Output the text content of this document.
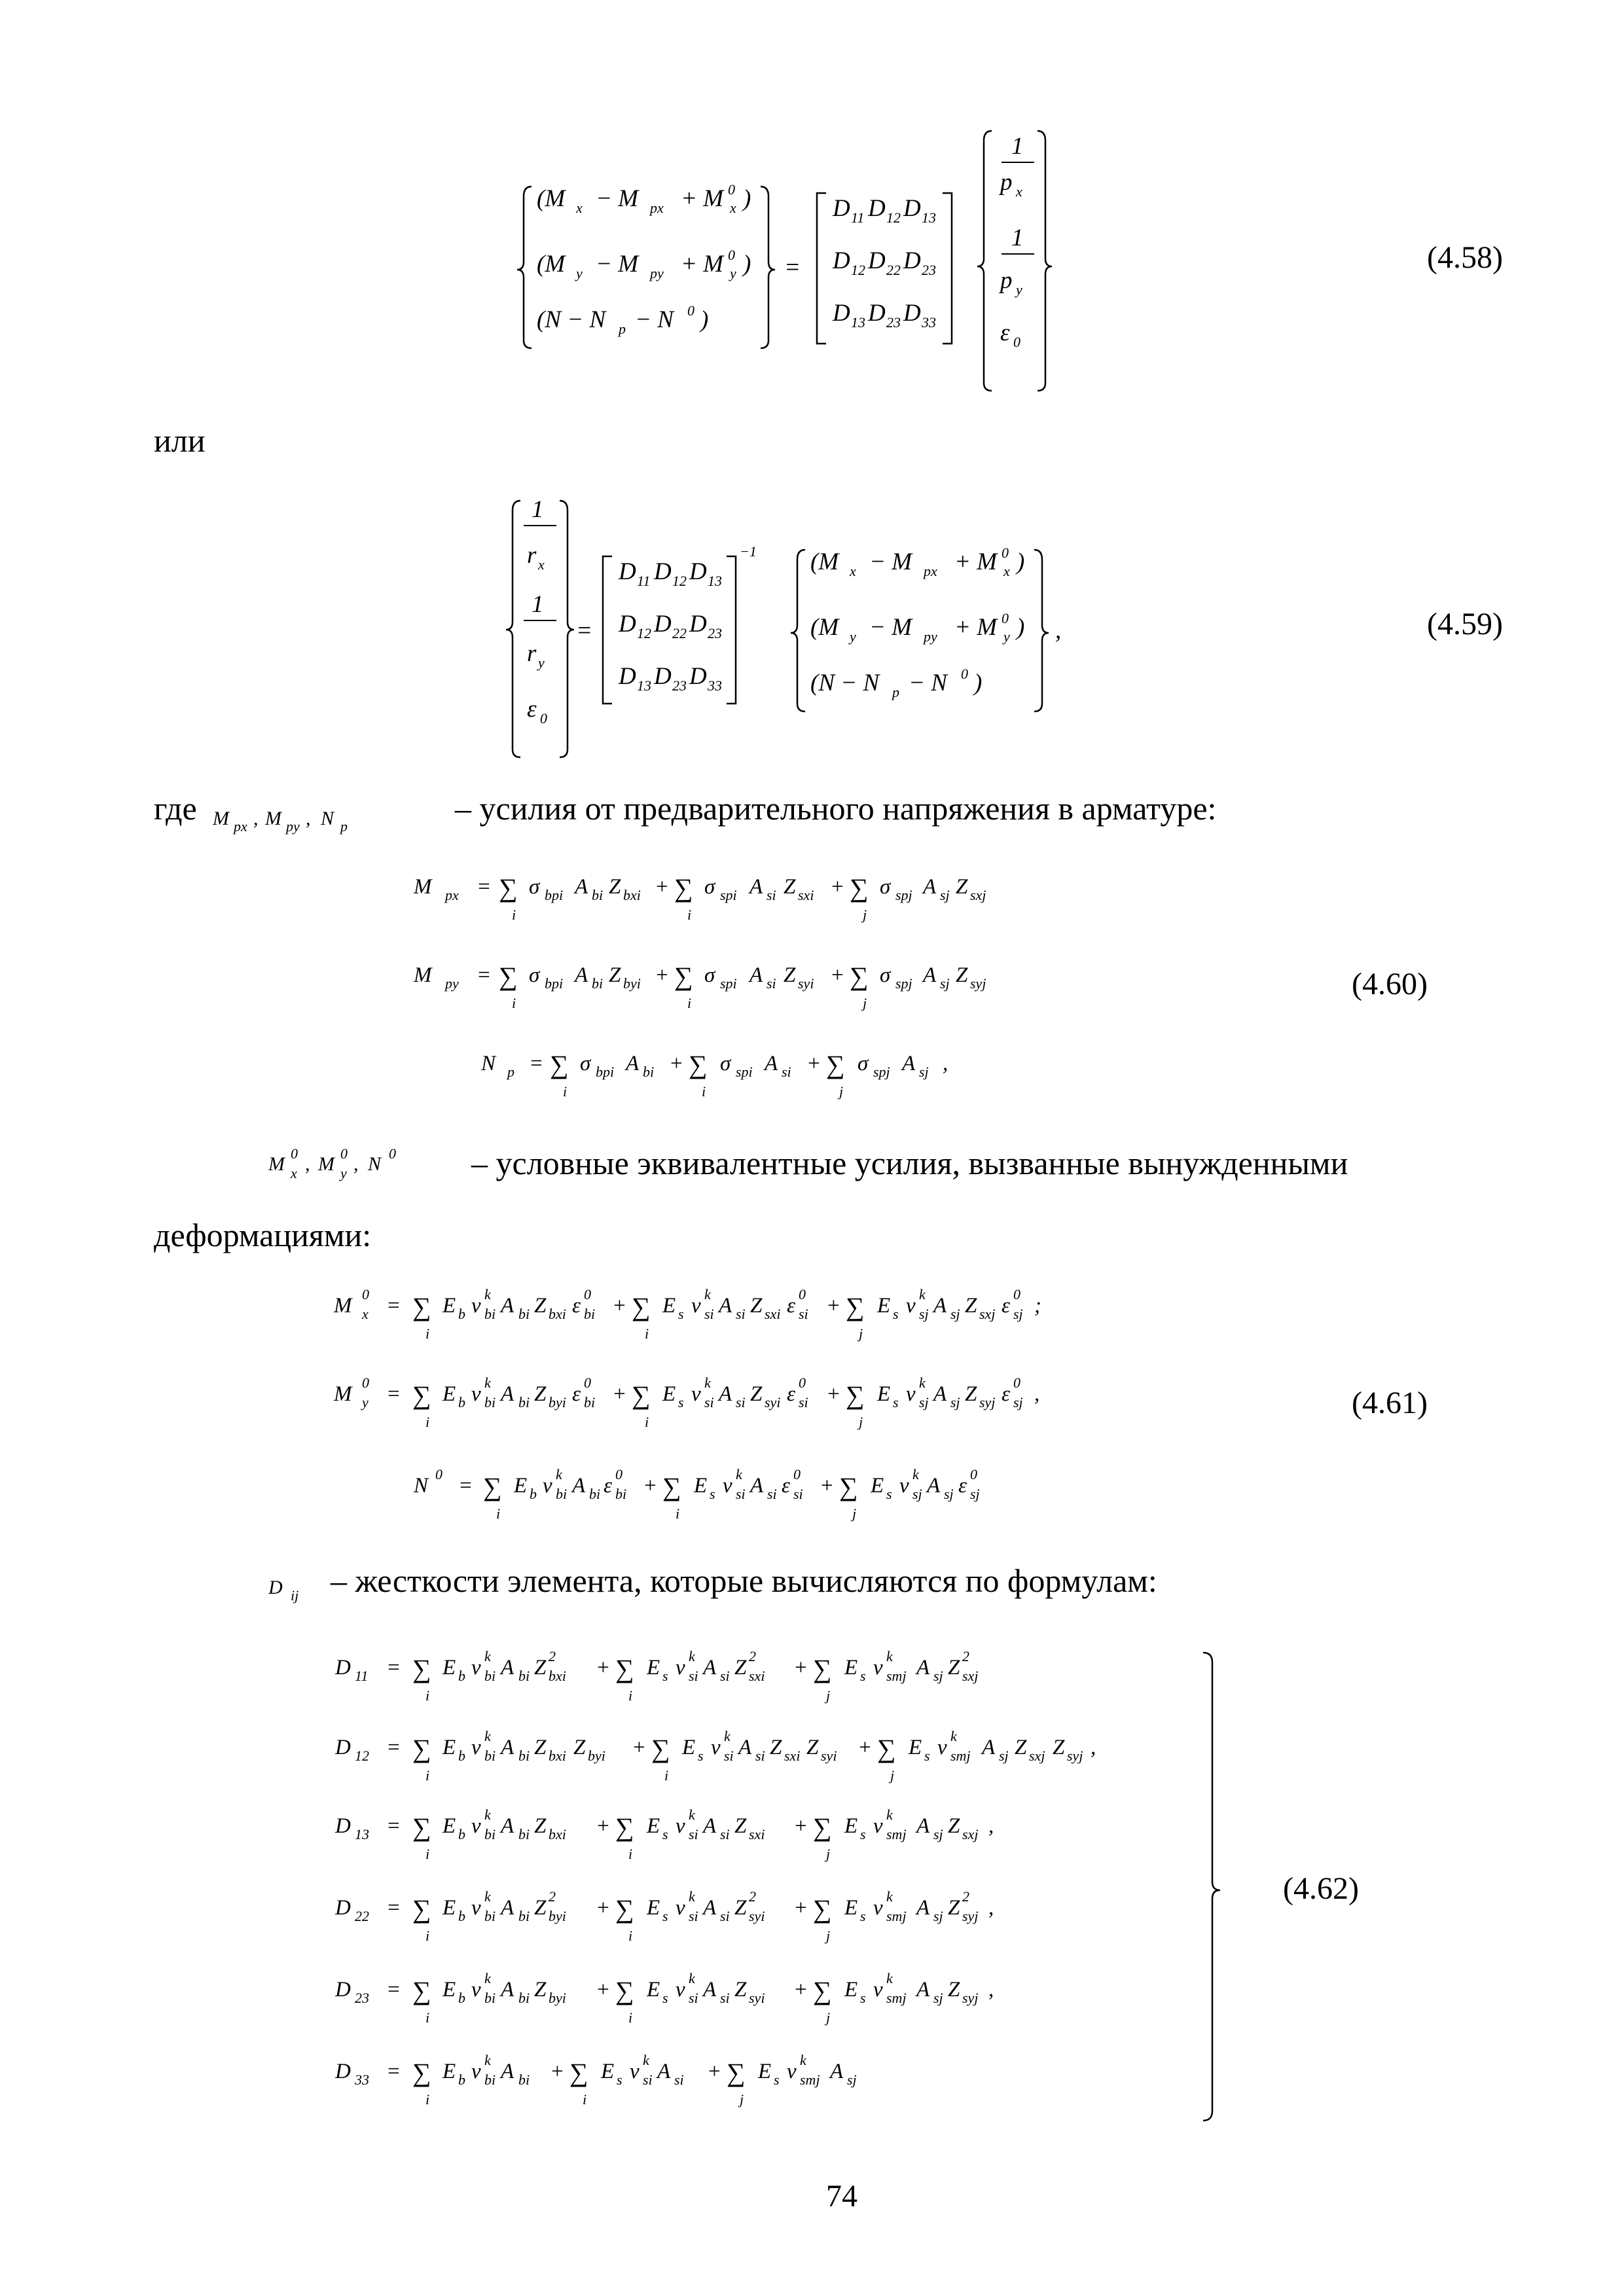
(M x − M px + M x
0 )
(M y − M py + M y
0 )
(N − N p − N 0 )
=
D 11 D 12 D 13
D 12 D 22 D 23
D 13 D 23 D 33
1
p x
1
p y
ε 0
(4.58)
или
1
r x
1
r y
ε 0
=
D 11 D 12 D 13
D 12 D 22 D 23
D 13 D 23 D 33
−1 (M x − M px + M x
0 )
(M y − M py + M y
0 )
(N − N p − N 0 )
,	(4.59)
где M px , M py , N p	– усилия от предварительного напряжения в арматуре:
M px = ∑
i
σ bpi A bi Z bxi + ∑
i
σ spi A si Z sxi + ∑
j
σ spj A sj Z sxj
M py = ∑
i
σ bpi A bi Z byi + ∑
i
σ spi A si Z syi + ∑
j
σ spj A sj Z syj
N p = ∑
i
σ bpi A bi + ∑
i
σ spi A si + ∑
j
σ spj A sj ,
(4.60)
M x
0 , M y
0 , N 0 – условные эквивалентные усилия, вызванные вынужденными
деформациями:
M x
0 = ∑
i
E b ν bi
k A bi Z bxi ε bi
0 + ∑
i
E s ν si
k A si Z sxi ε si
0 + ∑
j
E s ν sj
k A sj Z sxj ε sj
0 ;
M y
0 = ∑
i
E b ν bi
k A bi Z byi ε bi
0 + ∑
i
E s ν si
k A si Z syi ε si
0 + ∑
j
E s ν sj
k A sj Z syj ε sj
0 ,
N 0 = ∑
i
E b ν bi
k A bi ε bi
0 + ∑
i
E s ν si
k A si ε si
0 + ∑
j
E s ν sj
k A sj ε sj
0
(4.61)
D ij – жесткости элемента, которые вычисляются по формулам:
D 11 = ∑
i
E b ν bi
k A bi Z bxi
2 + ∑
i
E s ν si
k A si Z sxi
2 + ∑
j
E s ν smj
k A sj Z sxj
2
D 12 = ∑
i
E b ν bi
k A bi Z bxi Z byi + ∑
i
E s ν si
k A si Z sxi Z syi + ∑
j
E s ν smj
k A sj Z sxj Z syj ,
D 13 = ∑
i
E b ν bi
k A bi Z bxi + ∑
i
E s ν si
k A si Z sxi + ∑
j
E s ν smj
k A sj Z sxj ,
D 22 = ∑
i
E b ν bi
k A bi Z byi
2 + ∑
i
E s ν si
k A si Z syi
2 + ∑
j
E s ν smj
k A sj Z syj
2 ,
D 23 = ∑
i
E b ν bi
k A bi Z byi + ∑
i
E s ν si
k A si Z syi + ∑
j
E s ν smj
k A sj Z syj ,
D 33 = ∑
i
E b ν bi
k A bi + ∑
i
E s ν si
k A si + ∑
j
E s ν smj
k A sj
(4.62)
74
